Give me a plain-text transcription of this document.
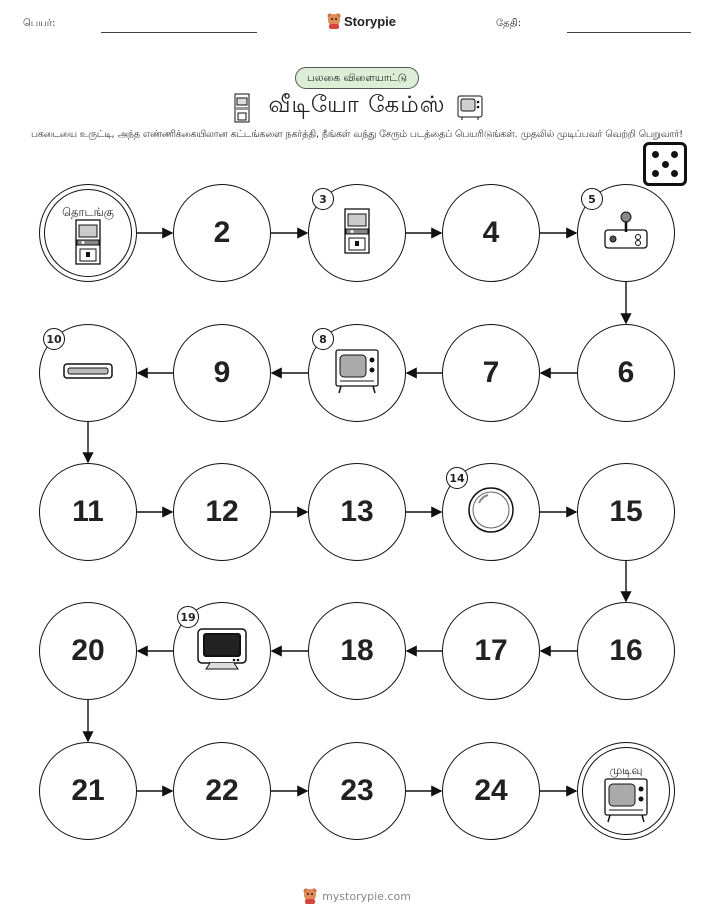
பெயர்:	Storypie	தேதி:
பலகை விளையாட்டு
வீடியோ கேம்ஸ்
பகடையை உருட்டி, அந்த எண்ணிக்கையிலான கட்டங்களை நகர்த்தி, நீங்கள் வந்து சேரும் படத்தைப் பெயரிடுங்கள். முதலில் முடிப்பவர் வெற்றி பெறுவார்!
தொடங்கு
2
3
4
5
6
7
8
9
10
11	12	13
14
15
16
17
18
19
20
21	22	23	24
முடிவு
mystorypie.com
